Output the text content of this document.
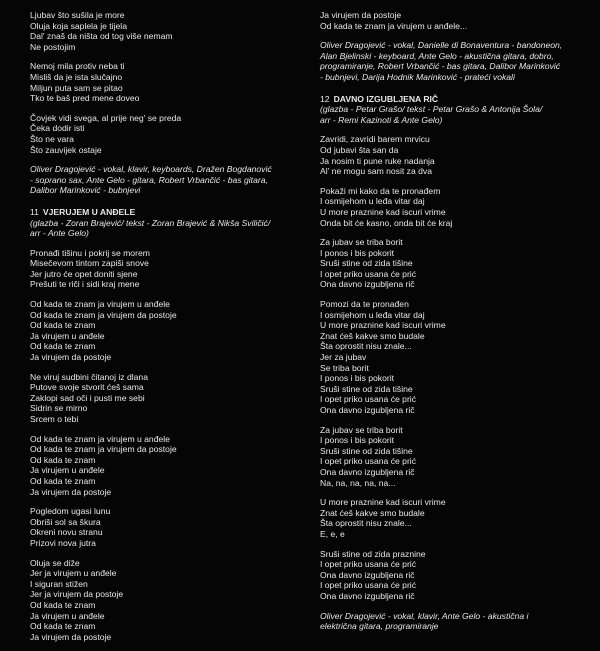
Ljubav što sušila je more
Oluja koja saplela je tijela
Dal' znaš da ništa od tog više nemam
Ne postojim
Nemoj mila protiv neba ti
Misliš da je ista slučajno
Miljun puta sam se pitao
Tko te baš pred mene doveo
Čovjek vidi svega, al prije neg' se preda
Čeka dodir isti
Što ne vara
Što zauvijek ostaje
Oliver Dragojević - vokal, klavir, keyboards, Dražen Bogdanović
- soprano sax, Ante Gelo - gitara, Robert Vrbančić - bas gitara,
Dalibor Marinković - bubnjevi
11 VJERUJEM U ANĐELE
(glazba - Zoran Brajević/ tekst - Zoran Brajević & Nikša Sviličić/
arr - Ante Gelo)
Pronađi tišinu i pokrij se morem
Misečevom tintom zapiši snove
Jer jutro će opet doniti sjene
Prešuti te riči i sidi kraj mene
Od kada te znam ja virujem u anđele
Od kada te znam ja virujem da postoje
Od kada te znam
Ja virujem u anđele
Od kada te znam
Ja virujem da postoje
Ne viruj sudbini čitanoj iz dlana
Putove svoje stvorit ćeš sama
Zaklopi sad oči i pusti me sebi
Sidrin se mirno
Srcem o tebi
Od kada te znam ja virujem u anđele
Od kada te znam ja virujem da postoje
Od kada te znam
Ja virujem u anđele
Od kada te znam
Ja virujem da postoje
Pogledom ugasi lunu
Obriši sol sa škura
Okreni novu stranu
Prizovi nova jutra
Oluja se diže
Jer ja virujem u anđele
I siguran stižen
Jer ja virujem da postoje
Od kada te znam
Ja virujem u anđele
Od kada te znam
Ja virujem da postoje
Ja virujem da postoje
Od kada te znam ja virujem u anđele...
Oliver Dragojević - vokal, Danielle di Bonaventura - bandoneon,
Alan Bjelinski - keyboard, Ante Gelo - akustična gitara, dobro,
programiranje, Robert Vrbančić - bas gitara, Dalibor Marinković
- bubnjevi, Darija Hodnik Marinković - prateći vokali
12 DAVNO IZGUBLJENA RIČ
(glazba - Petar Grašo/ tekst - Petar Grašo & Antonija Šola/
arr - Remi Kazinoti & Ante Gelo)
Zavridi, zavridi barem mrvicu
Od jubavi šta san da
Ja nosim ti pune ruke nadanja
Al' ne mogu sam nosit za dva
Pokaži mi kako da te pronađem
I osmijehom u leđa vitar daj
U more praznine kad iscuri vrime
Onda bit će kasno, onda bit će kraj
Za jubav se triba borit
I ponos i bis pokorit
Sruši stine od zida tišine
I opet priko usana će prić
Ona davno izgubljena rič
Pomozi da te pronađen
I osmijehom u leđa vitar daj
U more praznine kad iscuri vrime
Znat ćeš kakve smo budale
Šta oprostit nisu znale...
Jer za jubav
Se triba borit
I ponos i bis pokorit
Sruši stine od zida tišine
I opet priko usana će prić
Ona davno izgubljena rič
Za jubav se triba borit
I ponos i bis pokorit
Sruši stine od zida tišine
I opet priko usana će prić
Ona davno izgubljena rič
Na, na, na, na, na...
U more praznine kad iscuri vrime
Znat ćeš kakve smo budale
Šta oprostit nisu znale...
E, e, e
Sruši stine od zida praznine
I opet priko usana će prić
Ona davno izgubljena rič
I opet priko usana će prić
Ona davno izgubljena rič
Oliver Dragojević - vokal, klavir, Ante Gelo - akustična i
električna gitara, programiranje
